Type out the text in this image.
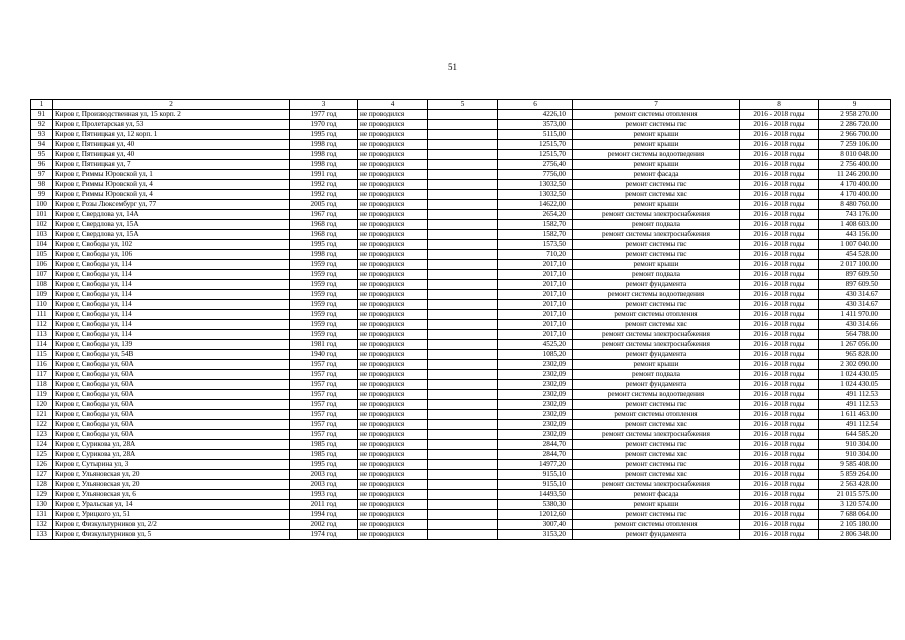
51
1	2	3	4	5	6	7	8	9
91	Киров г, Производственная ул, 15 корп. 2	1977 год	не проводился		4226,10	ремонт системы отопления	2016 - 2018 годы	2 958 270.00
92	Киров г, Пролетарская ул, 53	1970 год	не проводился		3573,00	ремонт системы гвс	2016 - 2018 годы	2 286 720.00
93	Киров г, Пятницкая ул, 12 корп. 1	1995 год	не проводился		5115,00	ремонт крыши	2016 - 2018 годы	2 966 700.00
94	Киров г, Пятницкая ул, 40	1998 год	не проводился		12515,70	ремонт крыши	2016 - 2018 годы	7 259 106.00
95	Киров г, Пятницкая ул, 40	1998 год	не проводился		12515,70	ремонт системы водоотведения	2016 - 2018 годы	8 010 048.00
96	Киров г, Пятницкая ул, 7	1998 год	не проводился		2756,40	ремонт крыши	2016 - 2018 годы	2 756 400.00
97	Киров г, Риммы Юровской ул, 1	1991 год	не проводился		7756,00	ремонт фасада	2016 - 2018 годы	11 246 200.00
98	Киров г, Риммы Юровской ул, 4	1992 год	не проводился		13032,50	ремонт системы гвс	2016 - 2018 годы	4 170 400.00
99	Киров г, Риммы Юровской ул, 4	1992 год	не проводился		13032,50	ремонт системы хвс	2016 - 2018 годы	4 170 400.00
100	Киров г, Розы Люксембург ул, 77	2005 год	не проводился		14622,00	ремонт крыши	2016 - 2018 годы	8 480 760.00
101	Киров г, Свердлова ул, 14А	1967 год	не проводился		2654,20	ремонт системы электроснабжения	2016 - 2018 годы	743 176.00
102	Киров г, Свердлова ул, 15А	1968 год	не проводился		1582,70	ремонт подвала	2016 - 2018 годы	1 408 603.00
103	Киров г, Свердлова ул, 15А	1968 год	не проводился		1582,70	ремонт системы электроснабжения	2016 - 2018 годы	443 156.00
104	Киров г, Свободы ул, 102	1995 год	не проводился		1573,50	ремонт системы гвс	2016 - 2018 годы	1 007 040.00
105	Киров г, Свободы ул, 106	1998 год	не проводился		710,20	ремонт системы гвс	2016 - 2018 годы	454 528.00
106	Киров г, Свободы ул, 114	1959 год	не проводился		2017,10	ремонт крыши	2016 - 2018 годы	2 017 100.00
107	Киров г, Свободы ул, 114	1959 год	не проводился		2017,10	ремонт подвала	2016 - 2018 годы	897 609.50
108	Киров г, Свободы ул, 114	1959 год	не проводился		2017,10	ремонт фундамента	2016 - 2018 годы	897 609.50
109	Киров г, Свободы ул, 114	1959 год	не проводился		2017,10	ремонт системы водоотведения	2016 - 2018 годы	430 314.67
110	Киров г, Свободы ул, 114	1959 год	не проводился		2017,10	ремонт системы гвс	2016 - 2018 годы	430 314.67
111	Киров г, Свободы ул, 114	1959 год	не проводился		2017,10	ремонт системы отопления	2016 - 2018 годы	1 411 970.00
112	Киров г, Свободы ул, 114	1959 год	не проводился		2017,10	ремонт системы хвс	2016 - 2018 годы	430 314.66
113	Киров г, Свободы ул, 114	1959 год	не проводился		2017,10	ремонт системы электроснабжения	2016 - 2018 годы	564 788.00
114	Киров г, Свободы ул, 139	1981 год	не проводился		4525,20	ремонт системы электроснабжения	2016 - 2018 годы	1 267 056.00
115	Киров г, Свободы ул, 54В	1940 год	не проводился		1085,20	ремонт фундамента	2016 - 2018 годы	965 828.00
116	Киров г, Свободы ул, 60А	1957 год	не проводился		2302,09	ремонт крыши	2016 - 2018 годы	2 302 090.00
117	Киров г, Свободы ул, 60А	1957 год	не проводился		2302,09	ремонт подвала	2016 - 2018 годы	1 024 430.05
118	Киров г, Свободы ул, 60А	1957 год	не проводился		2302,09	ремонт фундамента	2016 - 2018 годы	1 024 430.05
119	Киров г, Свободы ул, 60А	1957 год	не проводился		2302,09	ремонт системы водоотведения	2016 - 2018 годы	491 112.53
120	Киров г, Свободы ул, 60А	1957 год	не проводился		2302,09	ремонт системы гвс	2016 - 2018 годы	491 112.53
121	Киров г, Свободы ул, 60А	1957 год	не проводился		2302,09	ремонт системы отопления	2016 - 2018 годы	1 611 463.00
122	Киров г, Свободы ул, 60А	1957 год	не проводился		2302,09	ремонт системы хвс	2016 - 2018 годы	491 112.54
123	Киров г, Свободы ул, 60А	1957 год	не проводился		2302,09	ремонт системы электроснабжения	2016 - 2018 годы	644 585.20
124	Киров г, Сурикова ул, 28А	1985 год	не проводился		2844,70	ремонт системы гвс	2016 - 2018 годы	910 304.00
125	Киров г, Сурикова ул, 28А	1985 год	не проводился		2844,70	ремонт системы хвс	2016 - 2018 годы	910 304.00
126	Киров г, Сутырина ул, 3	1995 год	не проводился		14977,20	ремонт системы гвс	2016 - 2018 годы	9 585 408.00
127	Киров г, Ульяновская ул, 20	2003 год	не проводился		9155,10	ремонт системы хвс	2016 - 2018 годы	5 859 264.00
128	Киров г, Ульяновская ул, 20	2003 год	не проводился		9155,10	ремонт системы электроснабжения	2016 - 2018 годы	2 563 428.00
129	Киров г, Ульяновская ул, 6	1993 год	не проводился		14493,50	ремонт фасада	2016 - 2018 годы	21 015 575.00
130	Киров г, Уральская ул, 14	2011 год	не проводился		5380,30	ремонт крыши	2016 - 2018 годы	3 120 574.00
131	Киров г, Урицкого ул, 51	1994 год	не проводился		12012,60	ремонт системы гвс	2016 - 2018 годы	7 688 064.00
132	Киров г, Физкультурников ул, 2/2	2002 год	не проводился		3007,40	ремонт системы отопления	2016 - 2018 годы	2 105 180.00
133	Киров г, Физкультурников ул, 5	1974 год	не проводился		3153,20	ремонт фундамента	2016 - 2018 годы	2 806 348.00
